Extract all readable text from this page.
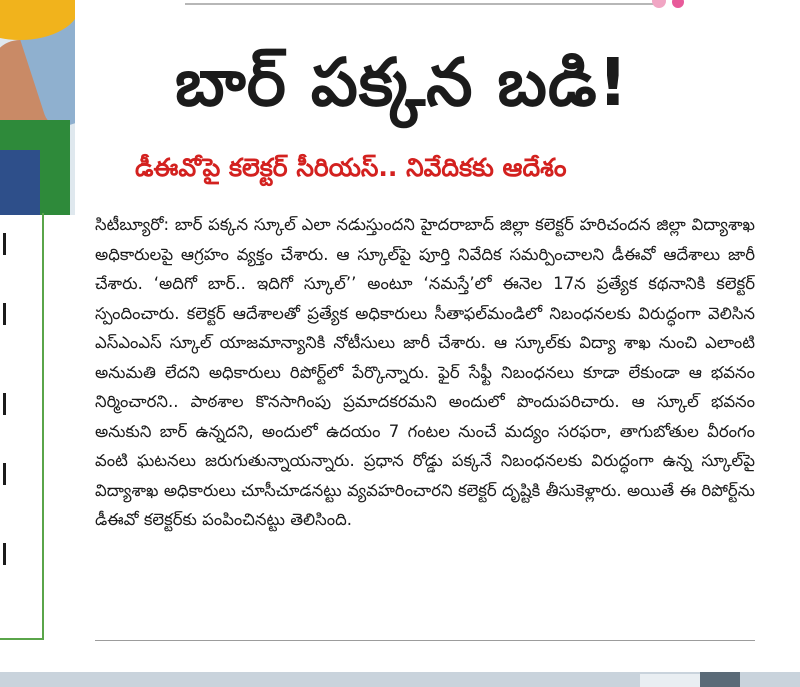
బార్ పక్కన బడి!
డీఈవోపై కలెక్టర్ సీరియస్.. నివేదికకు ఆదేశం

సిటీబ్యూరో: బార్ పక్కన స్కూల్ ఎలా నడుస్తుందని హైదరాబాద్ జిల్లా కలెక్టర్ హరిచందన జిల్లా విద్యాశాఖ అధికారులపై ఆగ్రహం వ్యక్తం చేశారు. ఆ స్కూల్‌పై పూర్తి నివేదిక సమర్పించాలని డీఈవో ఆదేశాలు జారీ చేశారు. ‘అదిగో బార్.. ఇదిగో స్కూల్’’ అంటూ ‘నమస్తే’లో ఈనెల 17న ప్రత్యేక కథనానికి కలెక్టర్ స్పందించారు. కలెక్టర్ ఆదేశాలతో ప్రత్యేక అధికారులు సీతాఫల్‌మండిలో నిబంధనలకు విరుద్ధంగా వెలిసిన ఎస్ఎంఎస్ స్కూల్ యాజమాన్యానికి నోటీసులు జారీ చేశారు. ఆ స్కూల్‌కు విద్యా శాఖ నుంచి ఎలాంటి అనుమతి లేదని అధికారులు రిపోర్ట్‌లో పేర్కొన్నారు. ఫైర్ సేఫ్టీ నిబంధనలు కూడా లేకుండా ఆ భవనం నిర్మించారని.. పాఠశాల కొనసాగింపు ప్రమాదకరమని అందులో పొందుపరిచారు. ఆ స్కూల్ భవనం అనుకుని బార్ ఉన్నదని, అందులో ఉదయం 7 గంటల నుంచే మద్యం సరఫరా, తాగుబోతుల వీరంగం వంటి ఘటనలు జరుగుతున్నాయన్నారు. ప్రధాన రోడ్డు పక్కనే నిబంధనలకు విరుద్ధంగా ఉన్న స్కూల్‌పై విద్యాశాఖ అధికారులు చూసీచూడనట్టు వ్యవహరించారని కలెక్టర్ దృష్టికి తీసుకెళ్లారు. అయితే ఈ రిపోర్ట్‌ను డీఈవో కలెక్టర్‌కు పంపించినట్టు తెలిసింది.
